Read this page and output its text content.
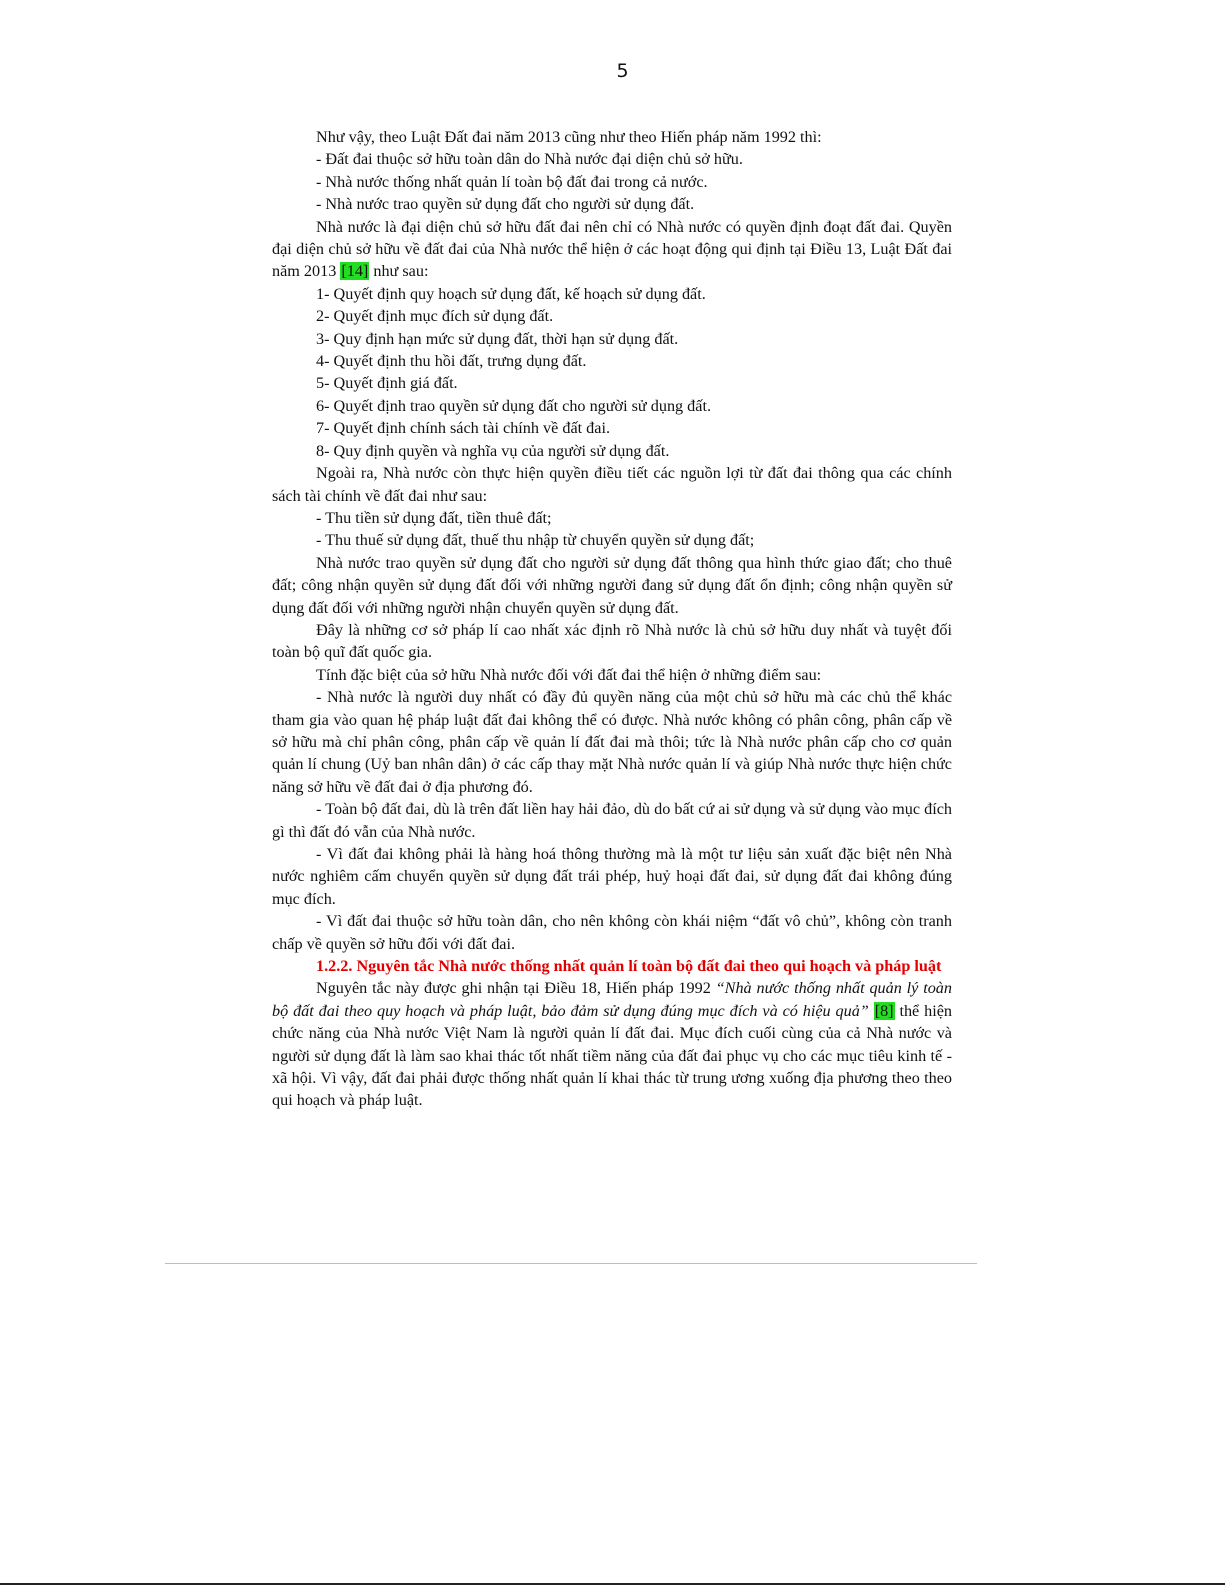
5

Như vậy, theo Luật Đất đai năm 2013 cũng như theo Hiến pháp năm 1992 thì:

- Đất đai thuộc sở hữu toàn dân do Nhà nước đại diện chủ sở hữu.

- Nhà nước thống nhất quản lí toàn bộ đất đai trong cả nước.

- Nhà nước trao quyền sử dụng đất cho người sử dụng đất.

Nhà nước là đại diện chủ sở hữu đất đai nên chỉ có Nhà nước có quyền định đoạt đất đai. Quyền đại diện chủ sở hữu về đất đai của Nhà nước thể hiện ở các hoạt động qui định tại Điều 13, Luật Đất đai năm 2013 [14] như sau:

1- Quyết định quy hoạch sử dụng đất, kế hoạch sử dụng đất.

2- Quyết định mục đích sử dụng đất.

3- Quy định hạn mức sử dụng đất, thời hạn sử dụng đất.

4- Quyết định thu hồi đất, trưng dụng đất.

5- Quyết định giá đất.

6- Quyết định trao quyền sử dụng đất cho người sử dụng đất.

7- Quyết định chính sách tài chính về đất đai.

8- Quy định quyền và nghĩa vụ của người sử dụng đất.

Ngoài ra, Nhà nước còn thực hiện quyền điều tiết các nguồn lợi từ đất đai thông qua các chính sách tài chính về đất đai như sau:

- Thu tiền sử dụng đất, tiền thuê đất;

- Thu thuế sử dụng đất, thuế thu nhập từ chuyển quyền sử dụng đất;

Nhà nước trao quyền sử dụng đất cho người sử dụng đất thông qua hình thức giao đất; cho thuê đất; công nhận quyền sử dụng đất đối với những người đang sử dụng đất ổn định; công nhận quyền sử dụng đất đối với những người nhận chuyển quyền sử dụng đất.

Đây là những cơ sở pháp lí cao nhất xác định rõ Nhà nước là chủ sở hữu duy nhất và tuyệt đối toàn bộ quĩ đất quốc gia.

Tính đặc biệt của sở hữu Nhà nước đối với đất đai thể hiện ở những điểm sau:

- Nhà nước là người duy nhất có đầy đủ quyền năng của một chủ sở hữu mà các chủ thể khác tham gia vào quan hệ pháp luật đất đai không thể có được. Nhà nước không có phân công, phân cấp về sở hữu mà chỉ phân công, phân cấp về quản lí đất đai mà thôi; tức là Nhà nước phân cấp cho cơ quản quản lí chung (Uỷ ban nhân dân) ở các cấp thay mặt Nhà nước quản lí và giúp Nhà nước thực hiện chức năng sở hữu về đất đai ở địa phương đó.

- Toàn bộ đất đai, dù là trên đất liền hay hải đảo, dù do bất cứ ai sử dụng và sử dụng vào mục đích gì thì đất đó vẫn của Nhà nước.

- Vì đất đai không phải là hàng hoá thông thường mà là một tư liệu sản xuất đặc biệt nên Nhà nước nghiêm cấm chuyển quyền sử dụng đất trái phép, huỷ hoại đất đai, sử dụng đất đai không đúng mục đích.

- Vì đất đai thuộc sở hữu toàn dân, cho nên không còn khái niệm “đất vô chủ”, không còn tranh chấp về quyền sở hữu đối với đất đai.

1.2.2. Nguyên tắc Nhà nước thống nhất quản lí toàn bộ đất đai theo qui hoạch và pháp luật

Nguyên tắc này được ghi nhận tại Điều 18, Hiến pháp 1992 “Nhà nước thống nhất quản lý toàn bộ đất đai theo quy hoạch và pháp luật, bảo đảm sử dụng đúng mục đích và có hiệu quả” [8] thể hiện chức năng của Nhà nước Việt Nam là người quản lí đất đai. Mục đích cuối cùng của cả Nhà nước và người sử dụng đất là làm sao khai thác tốt nhất tiềm năng của đất đai phục vụ cho các mục tiêu kinh tế - xã hội. Vì vậy, đất đai phải được thống nhất quản lí khai thác từ trung ương xuống địa phương theo theo qui hoạch và pháp luật.
